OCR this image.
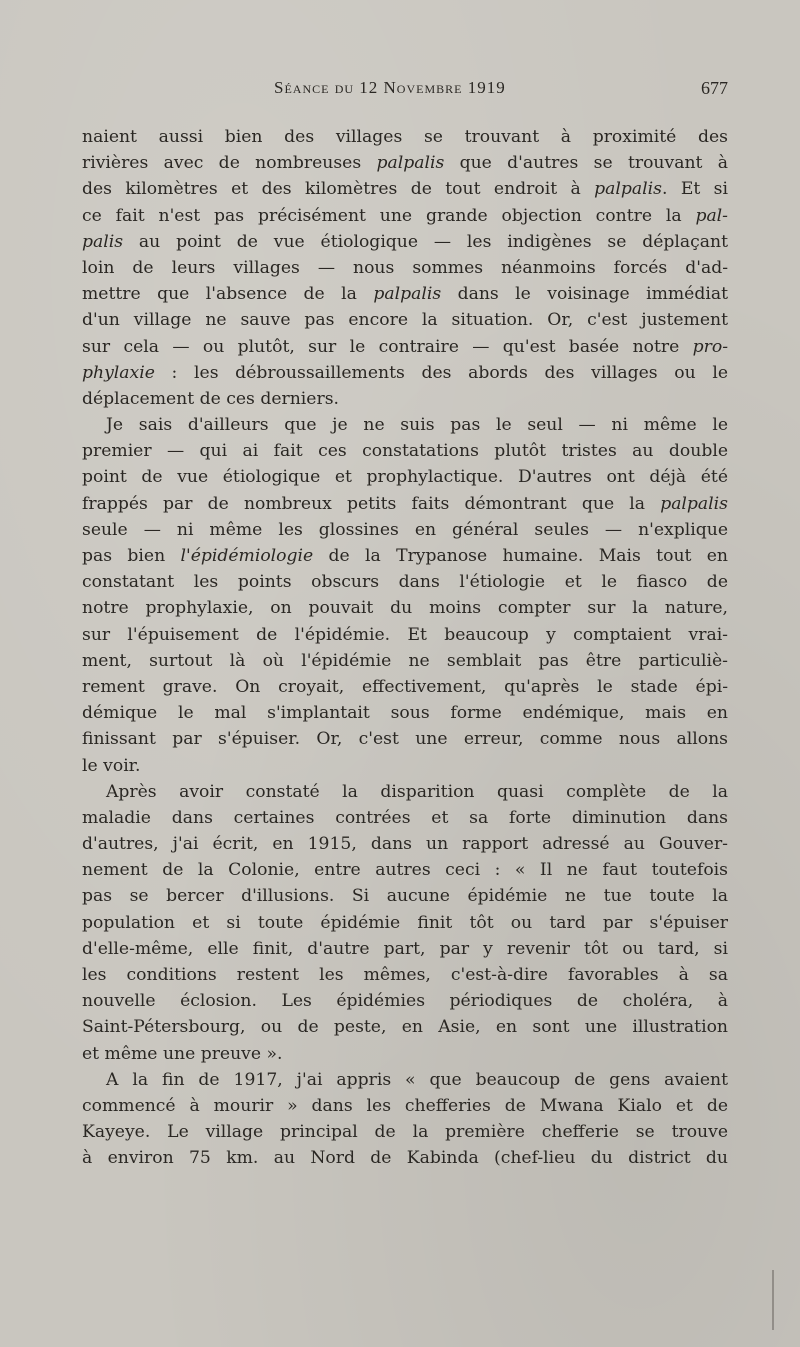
Séance du 12 Novembre 1919	677
naient aussi bien des villages se trouvant à proximité des
rivières avec de nombreuses palpalis que d'autres se trouvant à
des kilomètres et des kilomètres de tout endroit à palpalis. Et si
ce fait n'est pas précisément une grande objection contre la pal-
palis au point de vue étiologique — les indigènes se déplaçant
loin de leurs villages — nous sommes néanmoins forcés d'ad-
mettre que l'absence de la palpalis dans le voisinage immédiat
d'un village ne sauve pas encore la situation. Or, c'est justement
sur cela — ou plutôt, sur le contraire — qu'est basée notre pro-
phylaxie : les débroussaillements des abords des villages ou le
déplacement de ces derniers.
Je sais d'ailleurs que je ne suis pas le seul — ni même le
premier — qui ai fait ces constatations plutôt tristes au double
point de vue étiologique et prophylactique. D'autres ont déjà été
frappés par de nombreux petits faits démontrant que la palpalis
seule — ni même les glossines en général seules — n'explique
pas bien l'épidémiologie de la Trypanose humaine. Mais tout en
constatant les points obscurs dans l'étiologie et le fiasco de
notre prophylaxie, on pouvait du moins compter sur la nature,
sur l'épuisement de l'épidémie. Et beaucoup y comptaient vrai-
ment, surtout là où l'épidémie ne semblait pas être particuliè-
rement grave. On croyait, effectivement, qu'après le stade épi-
démique le mal s'implantait sous forme endémique, mais en
finissant par s'épuiser. Or, c'est une erreur, comme nous allons
le voir.
Après avoir constaté la disparition quasi complète de la
maladie dans certaines contrées et sa forte diminution dans
d'autres, j'ai écrit, en 1915, dans un rapport adressé au Gouver-
nement de la Colonie, entre autres ceci : « Il ne faut toutefois
pas se bercer d'illusions. Si aucune épidémie ne tue toute la
population et si toute épidémie finit tôt ou tard par s'épuiser
d'elle-même, elle finit, d'autre part, par y revenir tôt ou tard, si
les conditions restent les mêmes, c'est-à-dire favorables à sa
nouvelle éclosion. Les épidémies périodiques de choléra, à
Saint-Pétersbourg, ou de peste, en Asie, en sont une illustration
et même une preuve ».
A la fin de 1917, j'ai appris « que beaucoup de gens avaient
commencé à mourir » dans les chefferies de Mwana Kialo et de
Kayeye. Le village principal de la première chefferie se trouve
à environ 75 km. au Nord de Kabinda (chef-lieu du district du
